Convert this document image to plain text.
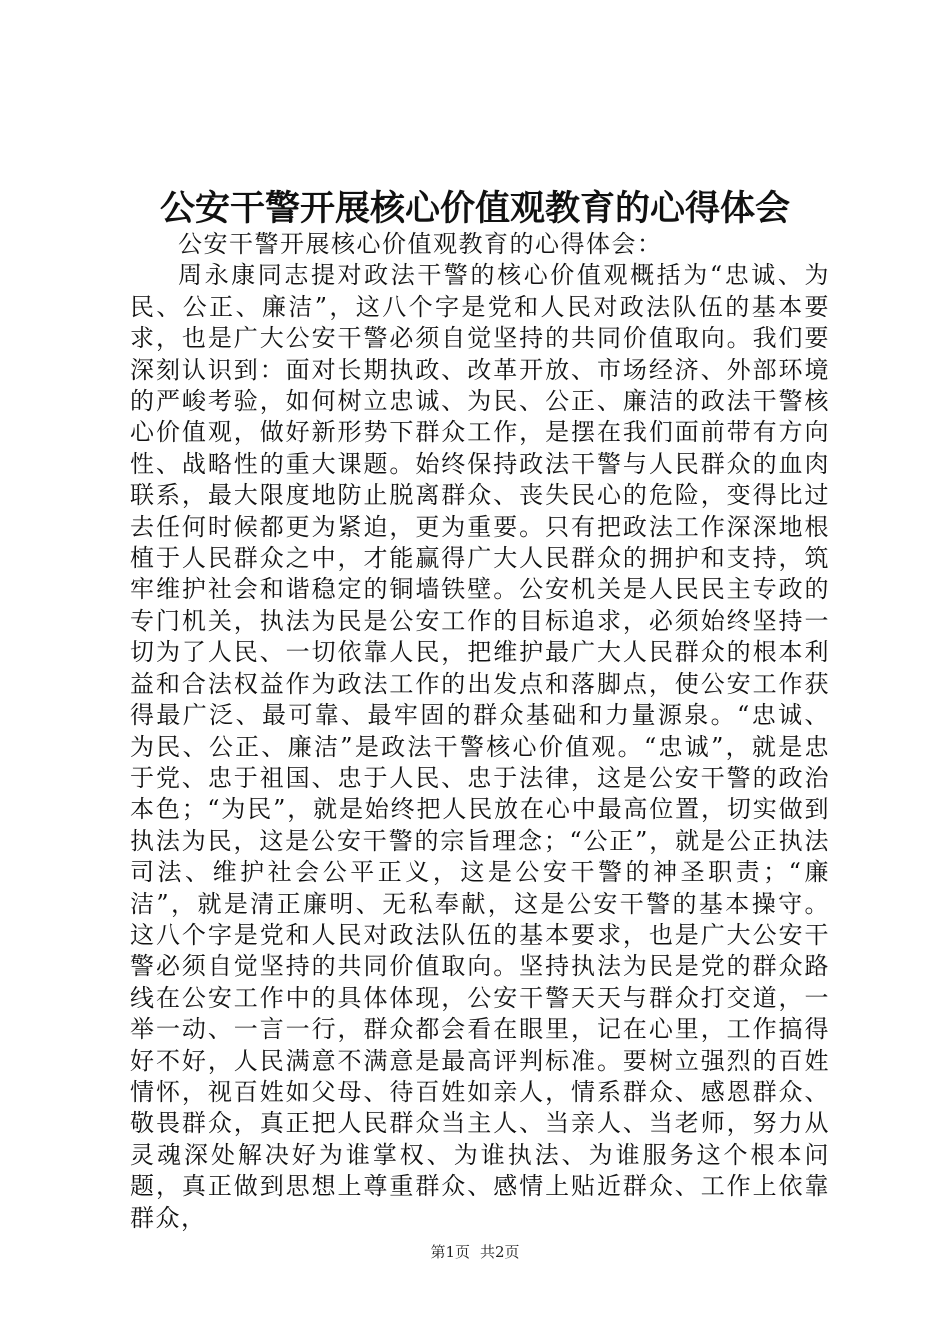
公安干警开展核心价值观教育的心得体会

公安干警开展核心价值观教育的心得体会：

周永康同志提对政法干警的核心价值观概括为“忠诚、为民、公正、廉洁”，这八个字是党和人民对政法队伍的基本要求，也是广大公安干警必须自觉坚持的共同价值取向。我们要深刻认识到：面对长期执政、改革开放、市场经济、外部环境的严峻考验，如何树立忠诚、为民、公正、廉洁的政法干警核心价值观，做好新形势下群众工作，是摆在我们面前带有方向性、战略性的重大课题。始终保持政法干警与人民群众的血肉联系，最大限度地防止脱离群众、丧失民心的危险，变得比过去任何时候都更为紧迫，更为重要。只有把政法工作深深地根植于人民群众之中，才能赢得广大人民群众的拥护和支持，筑牢维护社会和谐稳定的铜墙铁壁。公安机关是人民民主专政的专门机关，执法为民是公安工作的目标追求，必须始终坚持一切为了人民、一切依靠人民，把维护最广大人民群众的根本利益和合法权益作为政法工作的出发点和落脚点，使公安工作获得最广泛、最可靠、最牢固的群众基础和力量源泉。“忠诚、为民、公正、廉洁”是政法干警核心价值观。“忠诚”，就是忠于党、忠于祖国、忠于人民、忠于法律，这是公安干警的政治本色；“为民”，就是始终把人民放在心中最高位置，切实做到执法为民，这是公安干警的宗旨理念；“公正”，就是公正执法司法、维护社会公平正义，这是公安干警的神圣职责；“廉洁”，就是清正廉明、无私奉献，这是公安干警的基本操守。这八个字是党和人民对政法队伍的基本要求，也是广大公安干警必须自觉坚持的共同价值取向。坚持执法为民是党的群众路线在公安工作中的具体体现，公安干警天天与群众打交道，一举一动、一言一行，群众都会看在眼里，记在心里，工作搞得好不好，人民满意不满意是最高评判标准。要树立强烈的百姓情怀，视百姓如父母、待百姓如亲人，情系群众、感恩群众、敬畏群众，真正把人民群众当主人、当亲人、当老师，努力从灵魂深处解决好为谁掌权、为谁执法、为谁服务这个根本问题，真正做到思想上尊重群众、感情上贴近群众、工作上依靠群众，

第1页 共2页
